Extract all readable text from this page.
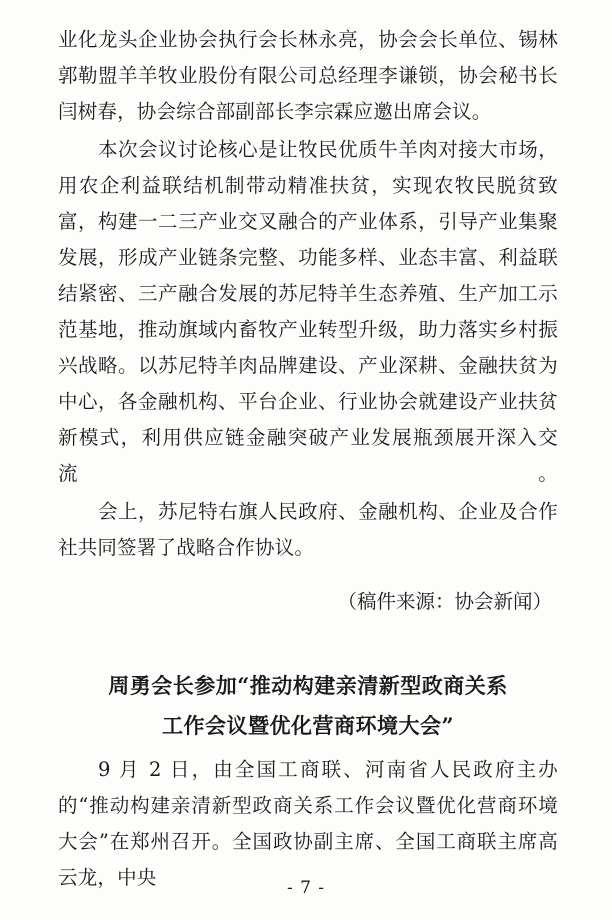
业化龙头企业协会执行会长林永亮，协会会长单位、锡林郭勒盟羊羊牧业股份有限公司总经理李谦锁，协会秘书长闫树春，协会综合部副部长李宗霖应邀出席会议。

本次会议讨论核心是让牧民优质牛羊肉对接大市场，用农企利益联结机制带动精准扶贫，实现农牧民脱贫致富，构建一二三产业交叉融合的产业体系，引导产业集聚发展，形成产业链条完整、功能多样、业态丰富、利益联结紧密、三产融合发展的苏尼特羊生态养殖、生产加工示范基地，推动旗域内畜牧产业转型升级，助力落实乡村振兴战略。以苏尼特羊肉品牌建设、产业深耕、金融扶贫为中心，各金融机构、平台企业、行业协会就建设产业扶贫新模式，利用供应链金融突破产业发展瓶颈展开深入交流。

会上，苏尼特右旗人民政府、金融机构、企业及合作社共同签署了战略合作协议。

（稿件来源：协会新闻）

周勇会长参加“推动构建亲清新型政商关系
工作会议暨优化营商环境大会”

9 月 2 日，由全国工商联、河南省人民政府主办的“推动构建亲清新型政商关系工作会议暨优化营商环境大会”在郑州召开。全国政协副主席、全国工商联主席高云龙，中央	- 7 -
